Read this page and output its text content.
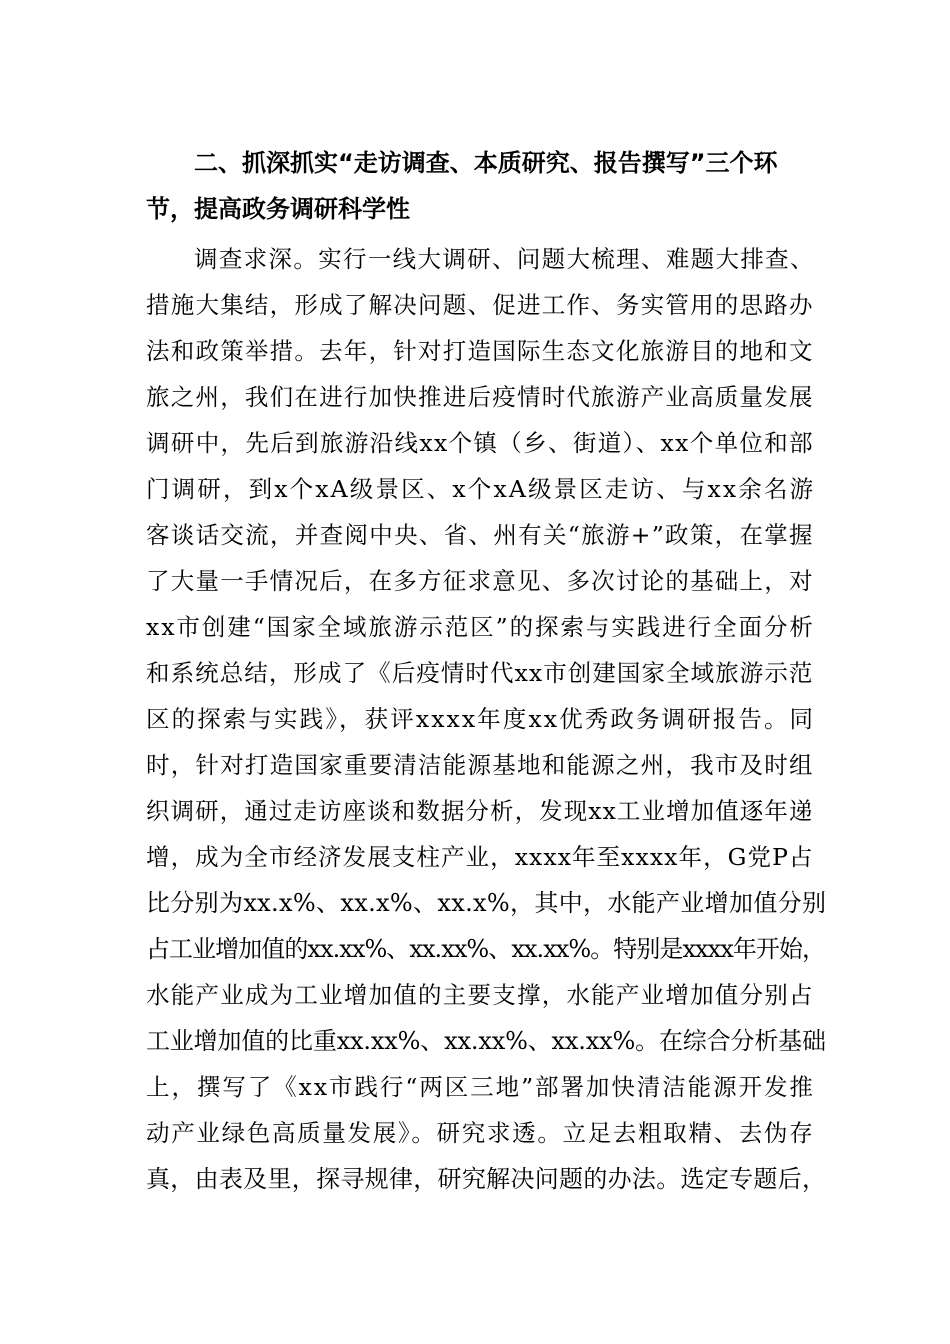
二、抓深抓实“走访调查、本质研究、报告撰写”三个环
节，提高政务调研科学性
调查求深。实行一线大调研、问题大梳理、难题大排查、
措施大集结，形成了解决问题、促进工作、务实管用的思路办
法和政策举措。去年，针对打造国际生态文化旅游目的地和文
旅之州，我们在进行加快推进后疫情时代旅游产业高质量发展
调研中，先后到旅游沿线xx个镇（乡、街道）、xx个单位和部
门调研，到x个xA级景区、x个xA级景区走访、与xx余名游
客谈话交流，并查阅中央、省、州有关“旅游+”政策，在掌握
了大量一手情况后，在多方征求意见、多次讨论的基础上，对
xx市创建“国家全域旅游示范区”的探索与实践进行全面分析
和系统总结，形成了《后疫情时代xx市创建国家全域旅游示范
区的探索与实践》，获评xxxx年度xx优秀政务调研报告。同
时，针对打造国家重要清洁能源基地和能源之州，我市及时组
织调研，通过走访座谈和数据分析，发现xx工业增加值逐年递
增，成为全市经济发展支柱产业，xxxx年至xxxx年，G党P占
比分别为xx.x%、xx.x%、xx.x%，其中，水能产业增加值分别
占工业增加值的xx.xx%、xx.xx%、xx.xx%。特别是xxxx年开始，
水能产业成为工业增加值的主要支撑，水能产业增加值分别占
工业增加值的比重xx.xx%、xx.xx%、xx.xx%。在综合分析基础
上，撰写了《xx市践行“两区三地”部署加快清洁能源开发推
动产业绿色高质量发展》。研究求透。立足去粗取精、去伪存
真，由表及里，探寻规律，研究解决问题的办法。选定专题后，
